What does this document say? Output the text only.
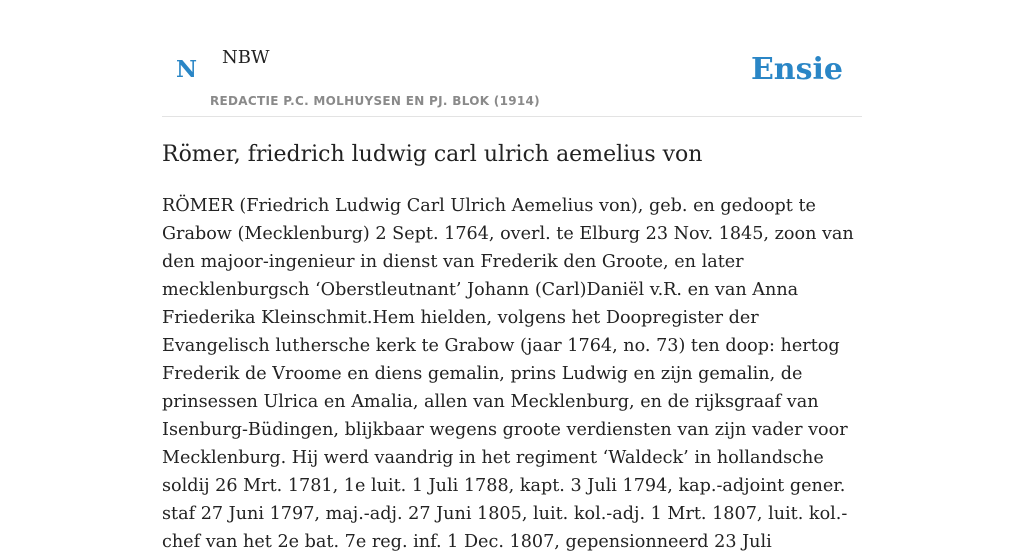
N NBW
REDACTIE P.C. MOLHUYSEN EN PJ. BLOK (1914)
Ensie
Römer, friedrich ludwig carl ulrich aemelius von

RÖMER (Friedrich Ludwig Carl Ulrich Aemelius von), geb. en gedoopt te Grabow (Mecklenburg) 2 Sept. 1764, overl. te Elburg 23 Nov. 1845, zoon van den majoor-ingenieur in dienst van Frederik den Groote, en later mecklenburgsch ‘Oberstleutnant’ Johann (Carl)Daniël v.R. en van Anna Friederika Kleinschmit.Hem hielden, volgens het Doopregister der Evangelisch luthersche kerk te Grabow (jaar 1764, no. 73) ten doop: hertog Frederik de Vroome en diens gemalin, prins Ludwig en zijn gemalin, de prinsessen Ulrica en Amalia, allen van Mecklenburg, en de rijksgraaf van Isenburg-Büdingen, blijkbaar wegens groote verdiensten van zijn vader voor Mecklenburg. Hij werd vaandrig in het regiment ‘Waldeck’ in hollandsche soldij 26 Mrt. 1781, 1e luit. 1 Juli 1788, kapt. 3 Juli 1794, kap.-adjoint gener. staf 27 Juni 1797, maj.-adj. 27 Juni 1805, luit. kol.-adj. 1 Mrt. 1807, luit. kol.-chef van het 2e bat. 7e reg. inf. 1 Dec. 1807, gepensionneerd 23 Juli
